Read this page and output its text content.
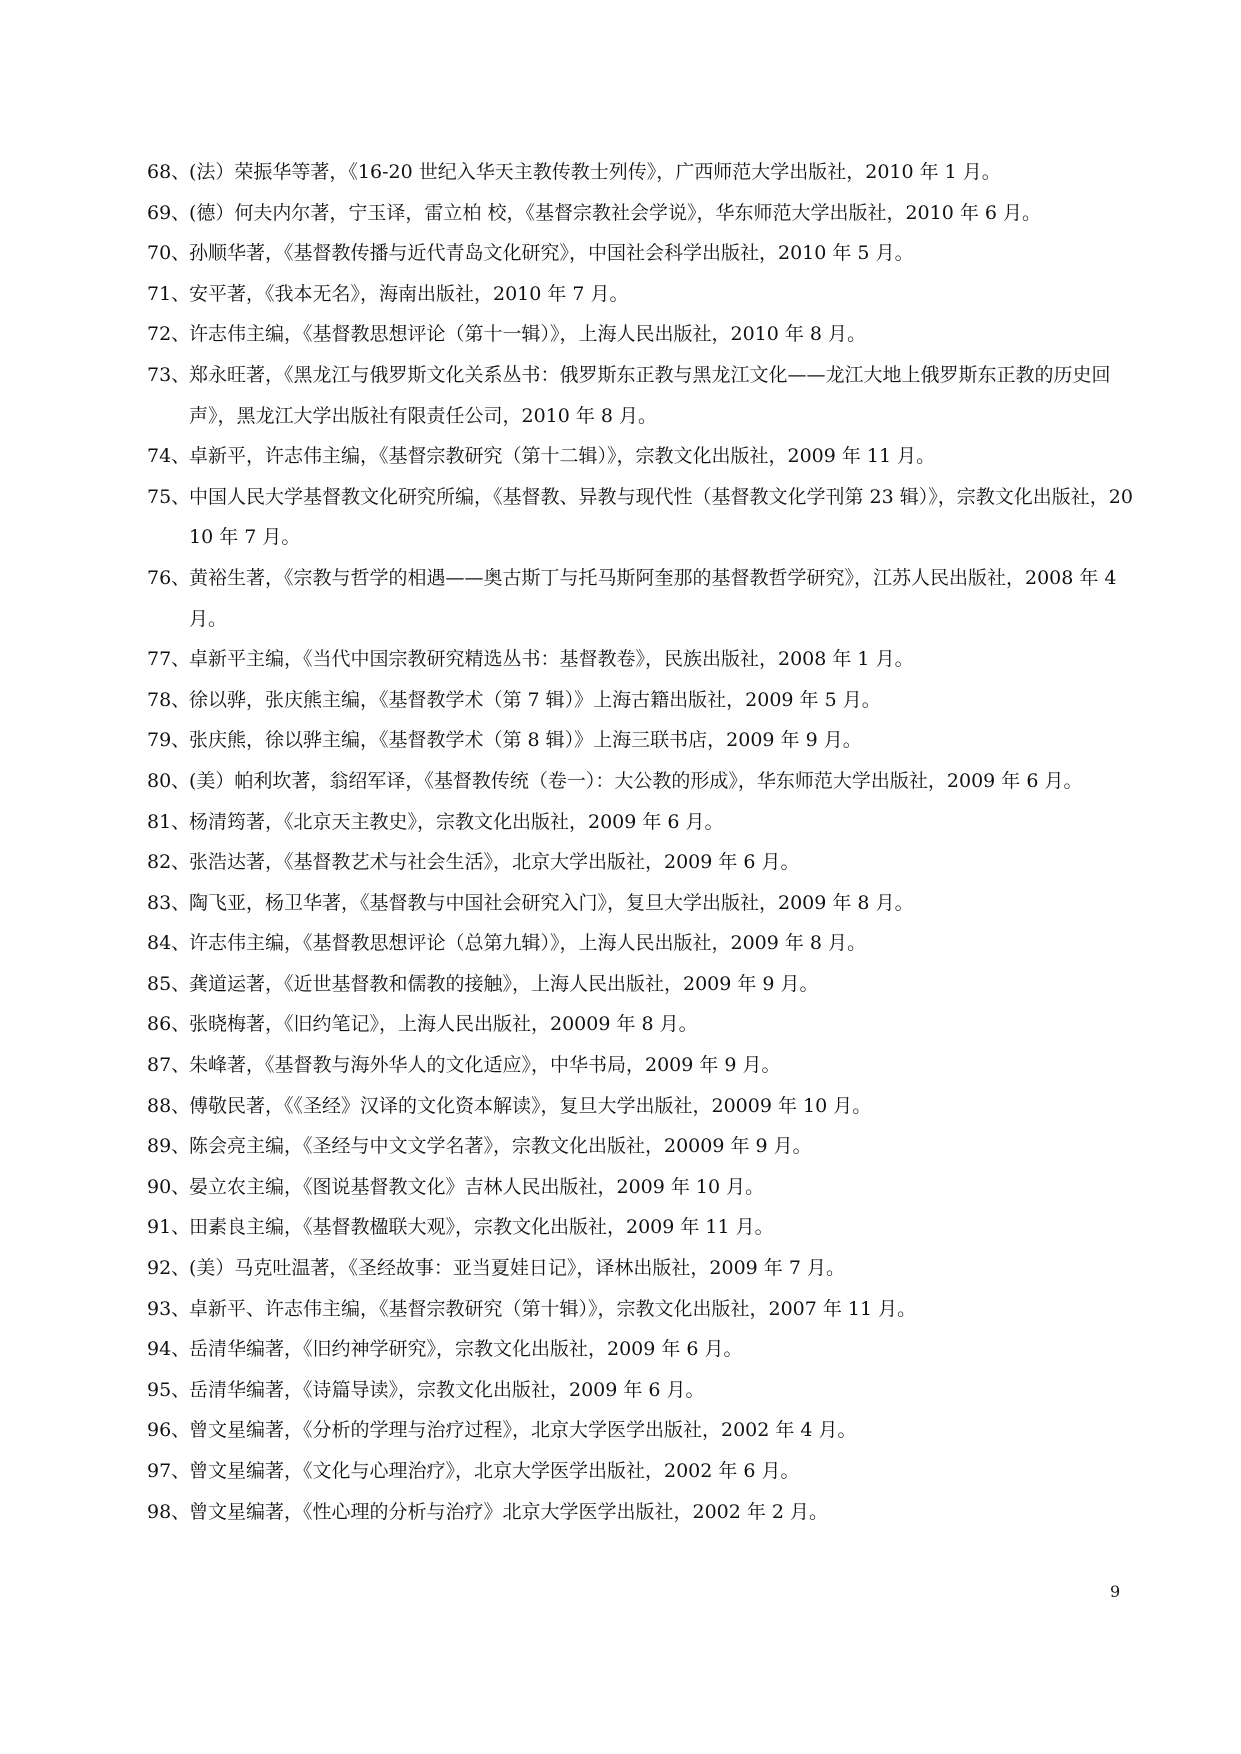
68、
(法）荣振华等著，《16-20 世纪入华天主教传教士列传》，广西师范大学出版社，2010 年 1 月。
69、
(德）何夫内尔著，宁玉译，雷立柏 校，《基督宗教社会学说》，华东师范大学出版社，2010 年 6 月。
70、
孙顺华著，《基督教传播与近代青岛文化研究》，中国社会科学出版社，2010 年 5 月。
71、
安平著，《我本无名》，海南出版社，2010 年 7 月。
72、
许志伟主编，《基督教思想评论（第十一辑）》，上海人民出版社，2010 年 8 月。
73、
郑永旺著，《黑龙江与俄罗斯文化关系丛书：俄罗斯东正教与黑龙江文化——龙江大地上俄罗斯东正教的历史回声》，黑龙江大学出版社有限责任公司，2010 年 8 月。
74、
卓新平，许志伟主编，《基督宗教研究（第十二辑）》，宗教文化出版社，2009 年 11 月。
75、
中国人民大学基督教文化研究所编，《基督教、异教与现代性（基督教文化学刊第 23 辑）》，宗教文化出版社，2010 年 7 月。
76、
黄裕生著，《宗教与哲学的相遇——奥古斯丁与托马斯阿奎那的基督教哲学研究》，江苏人民出版社，2008 年 4 月。
77、
卓新平主编，《当代中国宗教研究精选丛书：基督教卷》，民族出版社，2008 年 1 月。
78、
徐以骅，张庆熊主编，《基督教学术（第 7 辑）》上海古籍出版社，2009 年 5 月。
79、
张庆熊，徐以骅主编，《基督教学术（第 8 辑）》上海三联书店，2009 年 9 月。
80、
(美）帕利坎著，翁绍军译，《基督教传统（卷一）：大公教的形成》，华东师范大学出版社，2009 年 6 月。
81、
杨清筠著，《北京天主教史》，宗教文化出版社，2009 年 6 月。
82、
张浩达著，《基督教艺术与社会生活》，北京大学出版社，2009 年 6 月。
83、
陶飞亚，杨卫华著，《基督教与中国社会研究入门》，复旦大学出版社，2009 年 8 月。
84、
许志伟主编，《基督教思想评论（总第九辑）》，上海人民出版社，2009 年 8 月。
85、
龚道运著，《近世基督教和儒教的接触》，上海人民出版社，2009 年 9 月。
86、
张晓梅著，《旧约笔记》，上海人民出版社，20009 年 8 月。
87、
朱峰著，《基督教与海外华人的文化适应》，中华书局，2009 年 9 月。
88、
傅敬民著，《《圣经》汉译的文化资本解读》，复旦大学出版社，20009 年 10 月。
89、
陈会亮主编，《圣经与中文文学名著》，宗教文化出版社，20009 年 9 月。
90、
晏立农主编，《图说基督教文化》吉林人民出版社，2009 年 10 月。
91、
田素良主编，《基督教楹联大观》，宗教文化出版社，2009 年 11 月。
92、
(美）马克吐温著，《圣经故事：亚当夏娃日记》，译林出版社，2009 年 7 月。
93、
卓新平、许志伟主编，《基督宗教研究（第十辑）》，宗教文化出版社，2007 年 11 月。
94、
岳清华编著，《旧约神学研究》，宗教文化出版社，2009 年 6 月。
95、
岳清华编著，《诗篇导读》，宗教文化出版社，2009 年 6 月。
96、
曾文星编著，《分析的学理与治疗过程》，北京大学医学出版社，2002 年 4 月。
97、
曾文星编著，《文化与心理治疗》，北京大学医学出版社，2002 年 6 月。
98、
曾文星编著，《性心理的分析与治疗》北京大学医学出版社，2002 年 2 月。
9
